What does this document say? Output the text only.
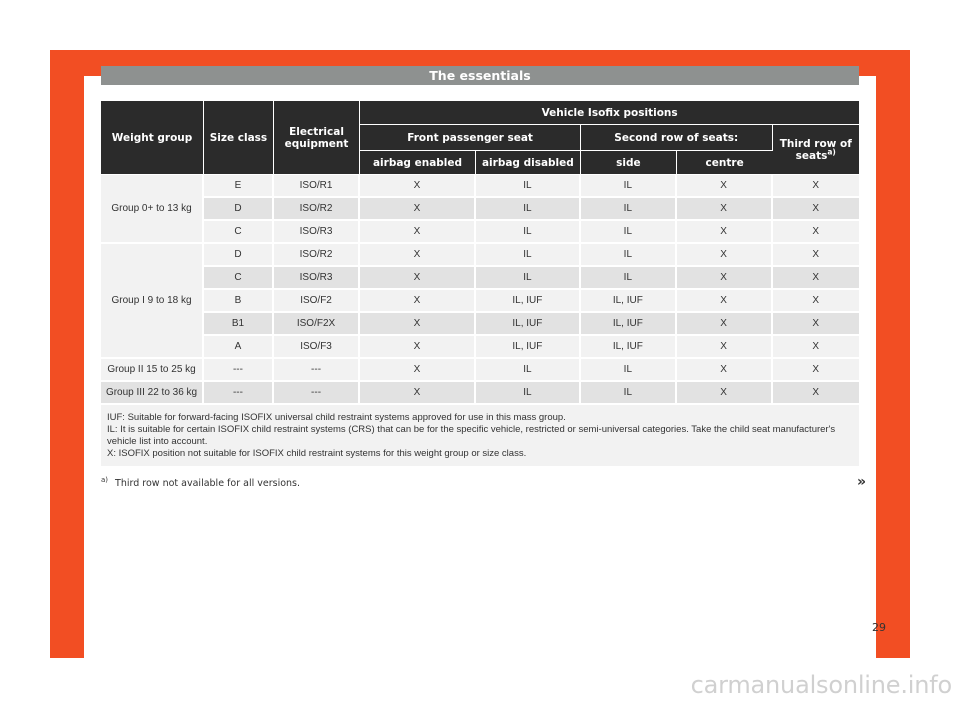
The essentials
Weight group	Size class	Electrical equipment	Vehicle Isofix positions				
			Front passenger seat		Second row of seats:		Third row of seats$^{a)}$
			airbag enabled	airbag disabled	side	centre	
Group 0+ to 13 kg	E	ISO/R1	X	IL	IL	X	X
	D	ISO/R2	X	IL	IL	X	X
	C	ISO/R3	X	IL	IL	X	X
Group I 9 to 18 kg	D	ISO/R2	X	IL	IL	X	X
	C	ISO/R3	X	IL	IL	X	X
	B	ISO/F2	X	IL, IUF	IL, IUF	X	X
	B1	ISO/F2X	X	IL, IUF	IL, IUF	X	X
	A	ISO/F3	X	IL, IUF	IL, IUF	X	X
Group II 15 to 25 kg	---	---	X	IL	IL	X	X
Group III 22 to 36 kg	---	---	X	IL	IL	X	X

IUF: Suitable for forward-facing ISOFIX universal child restraint systems approved for use in this mass group.
IL: It is suitable for certain ISOFIX child restraint systems (CRS) that can be for the specific vehicle, restricted or semi-universal categories. Take the child seat manufacturer's vehicle list into account.
X: ISOFIX position not suitable for ISOFIX child restraint systems for this weight group or size class.							
$^{a)}$ Third row not available for all versions.	»
29
carmanualsonline.info
